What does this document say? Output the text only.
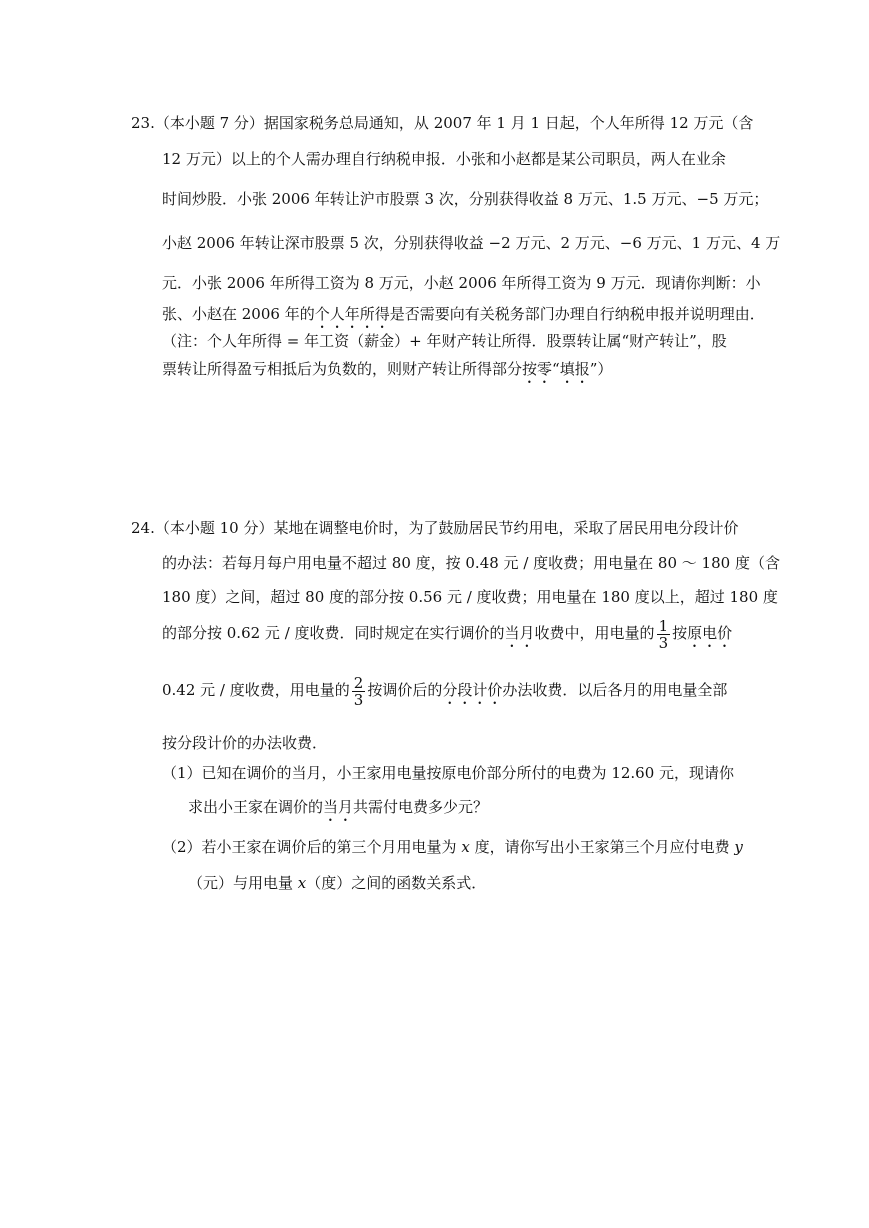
23.（本小题 7 分）据国家税务总局通知，从 2007 年 1 月 1 日起，个人年所得 12 万元（含
12 万元）以上的个人需办理自行纳税申报．小张和小赵都是某公司职员，两人在业余
时间炒股．小张 2006 年转让沪市股票 3 次，分别获得收益 8 万元、1.5 万元、−5 万元；
小赵 2006 年转让深市股票 5 次，分别获得收益 −2 万元、2 万元、−6 万元、1 万元、4 万
元．小张 2006 年所得工资为 8 万元，小赵 2006 年所得工资为 9 万元．现请你判断：小
张、小赵在 2006 年的个人年所得是否需要向有关税务部门办理自行纳税申报并说明理由．
（注：个人年所得 = 年工资（薪金）+ 年财产转让所得．股票转让属“财产转让”，股
票转让所得盈亏相抵后为负数的，则财产转让所得部分按零“填报”）
24.（本小题 10 分）某地在调整电价时，为了鼓励居民节约用电，采取了居民用电分段计价
的办法：若每月每户用电量不超过 80 度，按 0.48 元 / 度收费；用电量在 80 ～ 180 度（含
180 度）之间，超过 80 度的部分按 0.56 元 / 度收费；用电量在 180 度以上，超过 180 度
的部分按 0.62 元 / 度收费．同时规定在实行调价的当月收费中，用电量的 $\frac{1}{3}$ 按原电价
0.42 元 / 度收费，用电量的 $\frac{2}{3}$ 按调价后的分段计价办法收费．以后各月的用电量全部
按分段计价的办法收费．
（1）已知在调价的当月，小王家用电量按原电价部分所付的电费为 12.60 元，现请你
求出小王家在调价的当月共需付电费多少元？
（2）若小王家在调价后的第三个月用电量为 x 度，请你写出小王家第三个月应付电费 y
（元）与用电量 x（度）之间的函数关系式．
